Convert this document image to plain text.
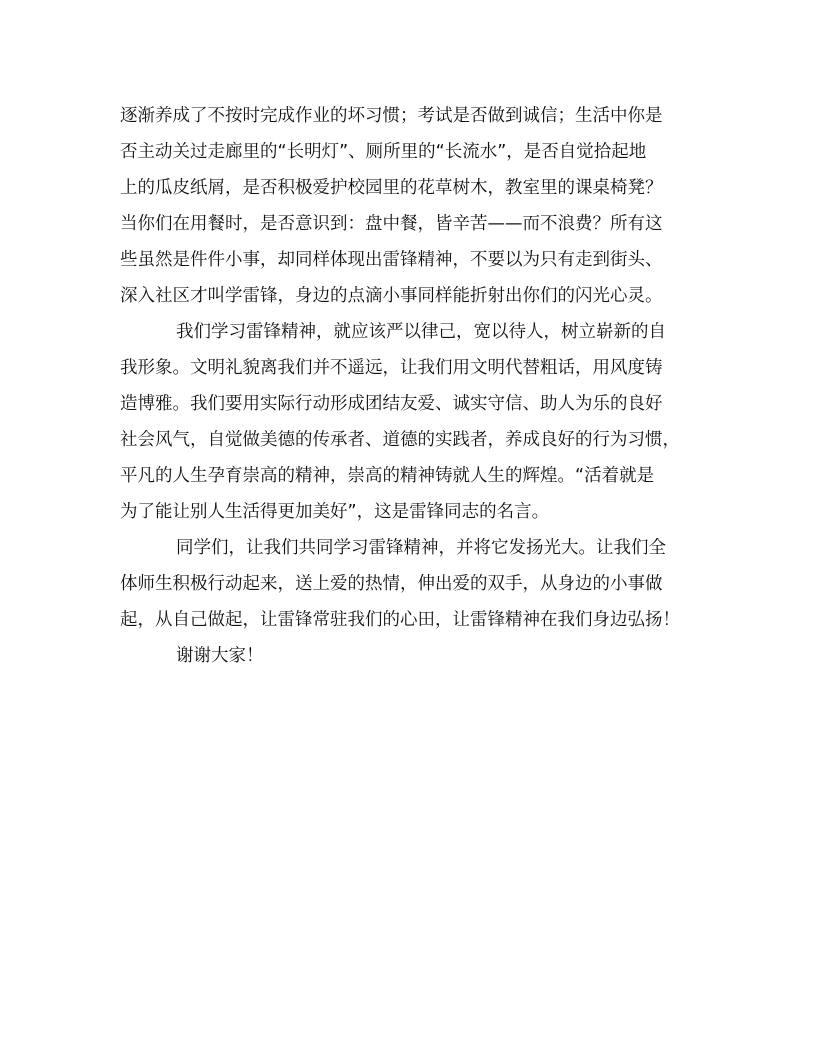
逐渐养成了不按时完成作业的坏习惯；考试是否做到诚信；生活中你是
否主动关过走廊里的“长明灯”、厕所里的“长流水”，是否自觉拾起地
上的瓜皮纸屑，是否积极爱护校园里的花草树木，教室里的课桌椅凳？
当你们在用餐时，是否意识到：盘中餐，皆辛苦——而不浪费？所有这
些虽然是件件小事，却同样体现出雷锋精神，不要以为只有走到街头、
深入社区才叫学雷锋，身边的点滴小事同样能折射出你们的闪光心灵。
我们学习雷锋精神，就应该严以律己，宽以待人，树立崭新的自
我形象。文明礼貌离我们并不遥远，让我们用文明代替粗话，用风度铸
造博雅。我们要用实际行动形成团结友爱、诚实守信、助人为乐的良好
社会风气，自觉做美德的传承者、道德的实践者，养成良好的行为习惯，
平凡的人生孕育崇高的精神，崇高的精神铸就人生的辉煌。“活着就是
为了能让别人生活得更加美好”，这是雷锋同志的名言。
同学们，让我们共同学习雷锋精神，并将它发扬光大。让我们全
体师生积极行动起来，送上爱的热情，伸出爱的双手，从身边的小事做
起，从自己做起，让雷锋常驻我们的心田，让雷锋精神在我们身边弘扬！
谢谢大家！
